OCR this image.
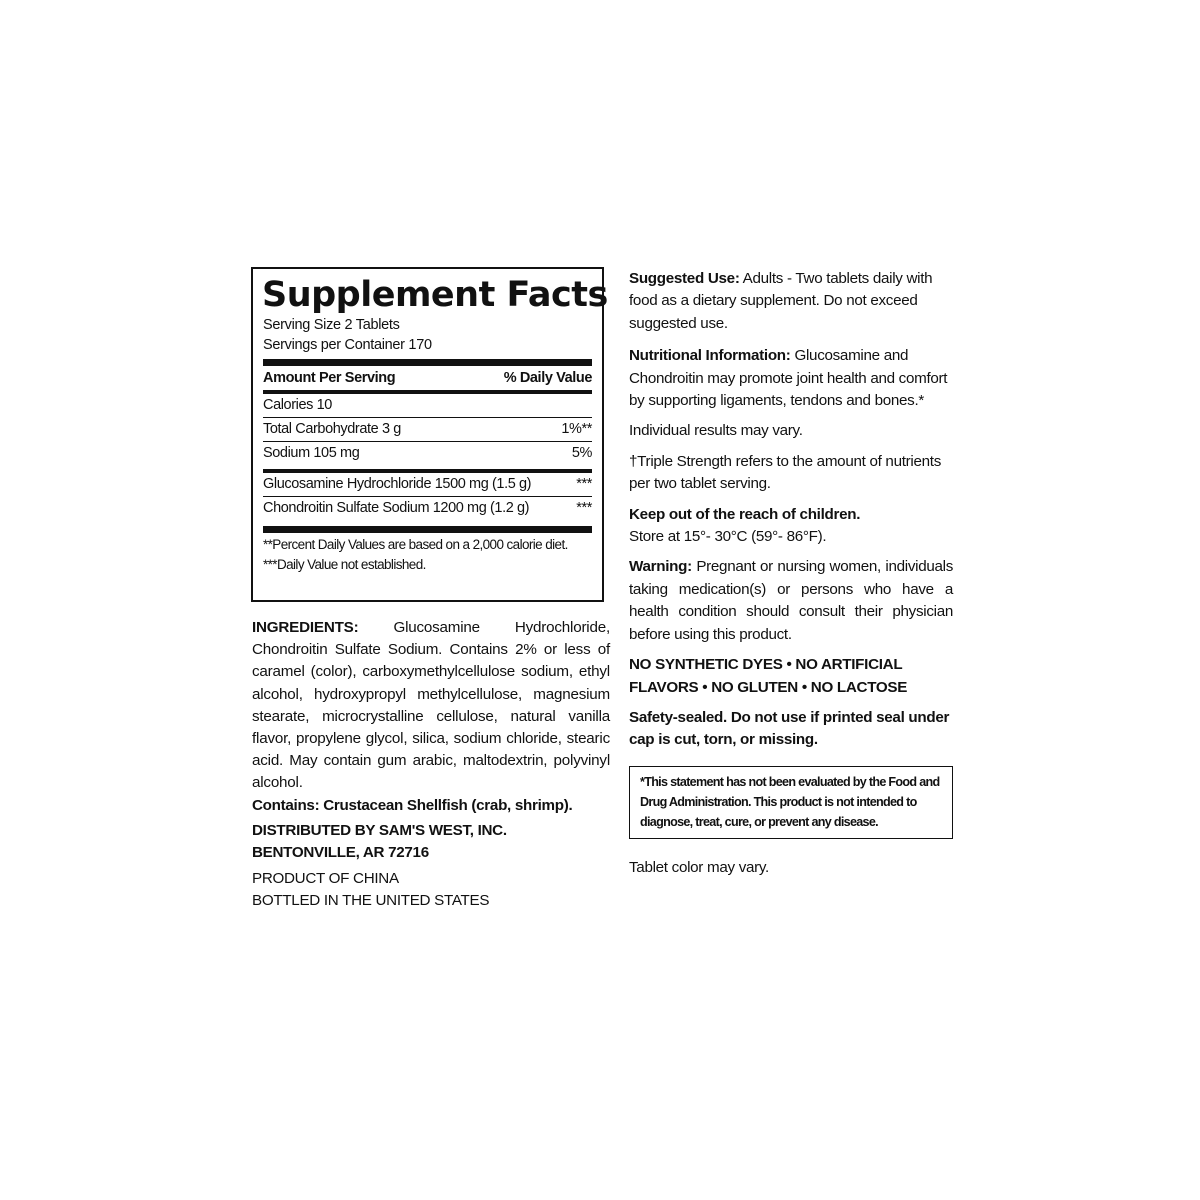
Supplement Facts
Serving Size 2 Tablets
Servings per Container 170
Amount Per Serving	% Daily Value
Calories 10
Total Carbohydrate 3 g	1%**
Sodium 105 mg	5%
Glucosamine Hydrochloride 1500 mg (1.5 g)	***
Chondroitin Sulfate Sodium 1200 mg (1.2 g)	***
**Percent Daily Values are based on a 2,000 calorie diet.
***Daily Value not established.
INGREDIENTS: Glucosamine Hydrochloride, Chondroitin Sulfate Sodium. Contains 2% or less of caramel (color), carboxymethylcellulose sodium, ethyl alcohol, hydroxypropyl methylcellulose, magnesium stearate, microcrystalline cellulose, natural vanilla flavor, propylene glycol, silica, sodium chloride, stearic acid. May contain gum arabic, maltodextrin, polyvinyl alcohol.
Contains: Crustacean Shellfish (crab, shrimp).
DISTRIBUTED BY SAM'S WEST, INC.
BENTONVILLE, AR 72716
PRODUCT OF CHINA
BOTTLED IN THE UNITED STATES
Suggested Use: Adults - Two tablets daily with food as a dietary supplement. Do not exceed suggested use.
Nutritional Information: Glucosamine and Chondroitin may promote joint health and comfort by supporting ligaments, tendons and bones.*
Individual results may vary.
†Triple Strength refers to the amount of nutrients per two tablet serving.
Keep out of the reach of children.
Store at 15°- 30°C (59°- 86°F).
Warning: Pregnant or nursing women, individuals taking medication(s) or persons who have a health condition should consult their physician before using this product.
NO SYNTHETIC DYES • NO ARTIFICIAL
FLAVORS • NO GLUTEN • NO LACTOSE
Safety-sealed. Do not use if printed seal under cap is cut, torn, or missing.
*This statement has not been evaluated by the Food and Drug Administration. This product is not intended to diagnose, treat, cure, or prevent any disease.
Tablet color may vary.
